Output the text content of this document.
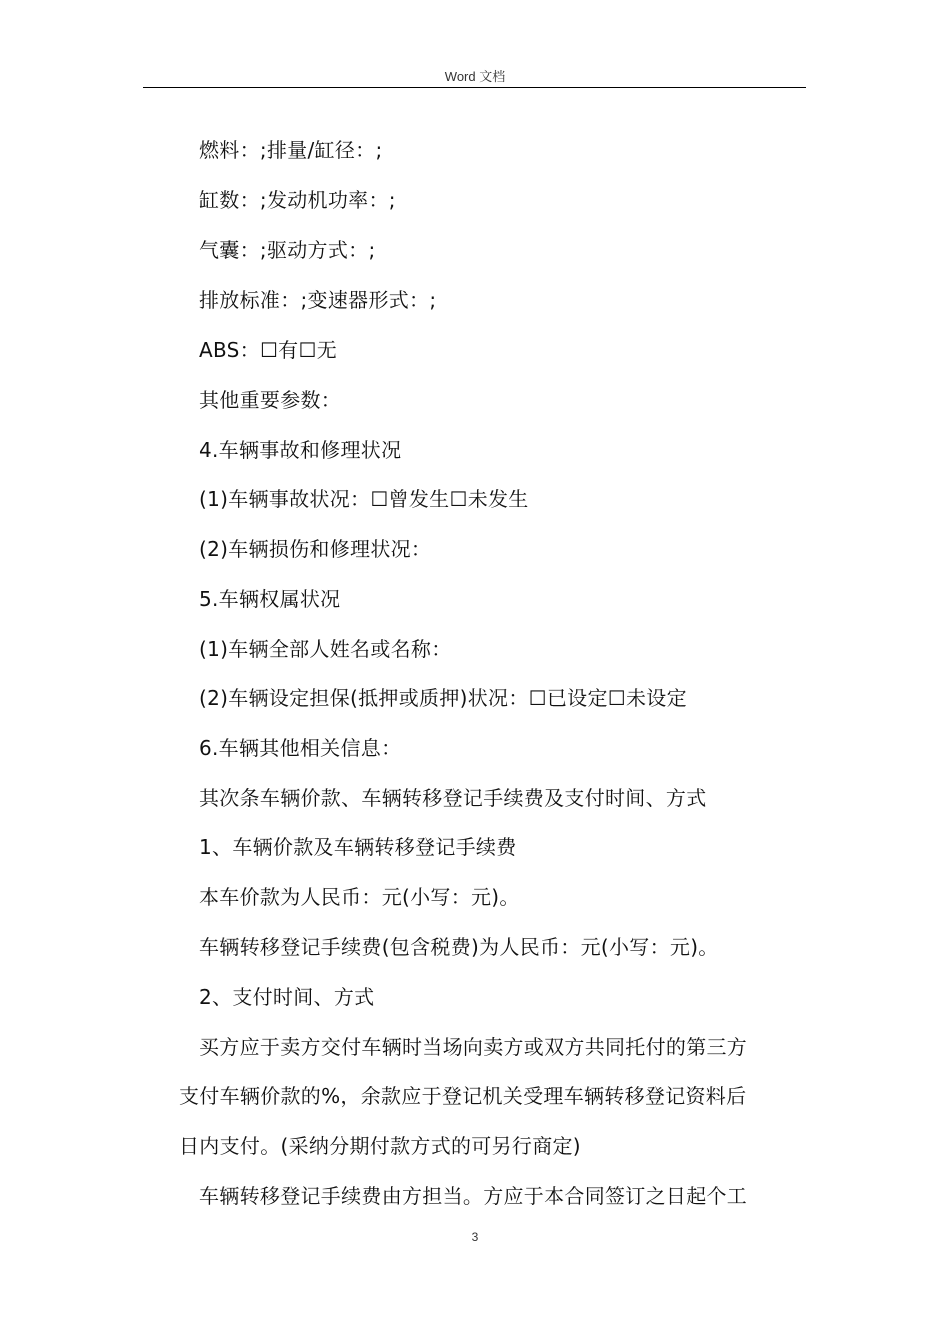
Word 文档
燃料：;排量/缸径：;
缸数：;发动机功率：;
气囊：;驱动方式：;
排放标准：;变速器形式：;
ABS：☐有☐无
其他重要参数：
4.车辆事故和修理状况
(1)车辆事故状况：☐曾发生☐未发生
(2)车辆损伤和修理状况：
5.车辆权属状况
(1)车辆全部人姓名或名称：
(2)车辆设定担保(抵押或质押)状况：☐已设定☐未设定
6.车辆其他相关信息：
其次条车辆价款、车辆转移登记手续费及支付时间、方式
1、车辆价款及车辆转移登记手续费
本车价款为人民币：元(小写：元)。
车辆转移登记手续费(包含税费)为人民币：元(小写：元)。
2、支付时间、方式
买方应于卖方交付车辆时当场向卖方或双方共同托付的第三方
支付车辆价款的%，余款应于登记机关受理车辆转移登记资料后
日内支付。(采纳分期付款方式的可另行商定)
车辆转移登记手续费由方担当。方应于本合同签订之日起个工
3
